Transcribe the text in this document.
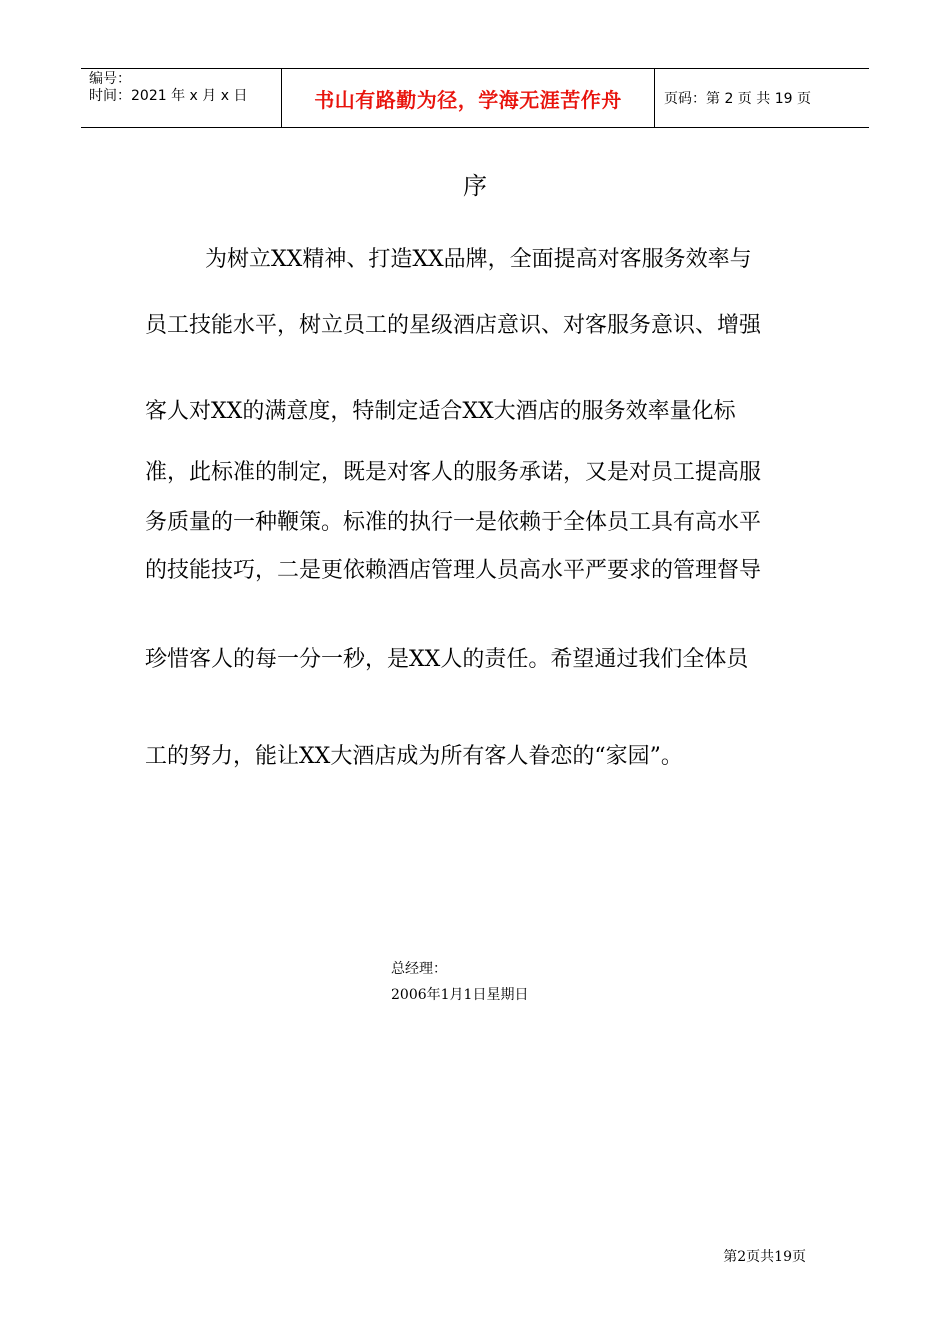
编号：
时间：2021 年 x 月 x 日	书山有路勤为径，学海无涯苦作舟	页码：第 2 页 共 19 页
序
为树立XX精神、打造XX品牌，全面提高对客服务效率与
员工技能水平，树立员工的星级酒店意识、对客服务意识、增强
客人对XX的满意度，特制定适合XX大酒店的服务效率量化标
准，此标准的制定，既是对客人的服务承诺，又是对员工提高服
务质量的一种鞭策。标准的执行一是依赖于全体员工具有高水平
的技能技巧，二是更依赖酒店管理人员高水平严要求的管理督导
珍惜客人的每一分一秒，是XX人的责任。希望通过我们全体员
工的努力，能让XX大酒店成为所有客人眷恋的“家园”。
总经理：
2006年1月1日星期日
第2页共19页
